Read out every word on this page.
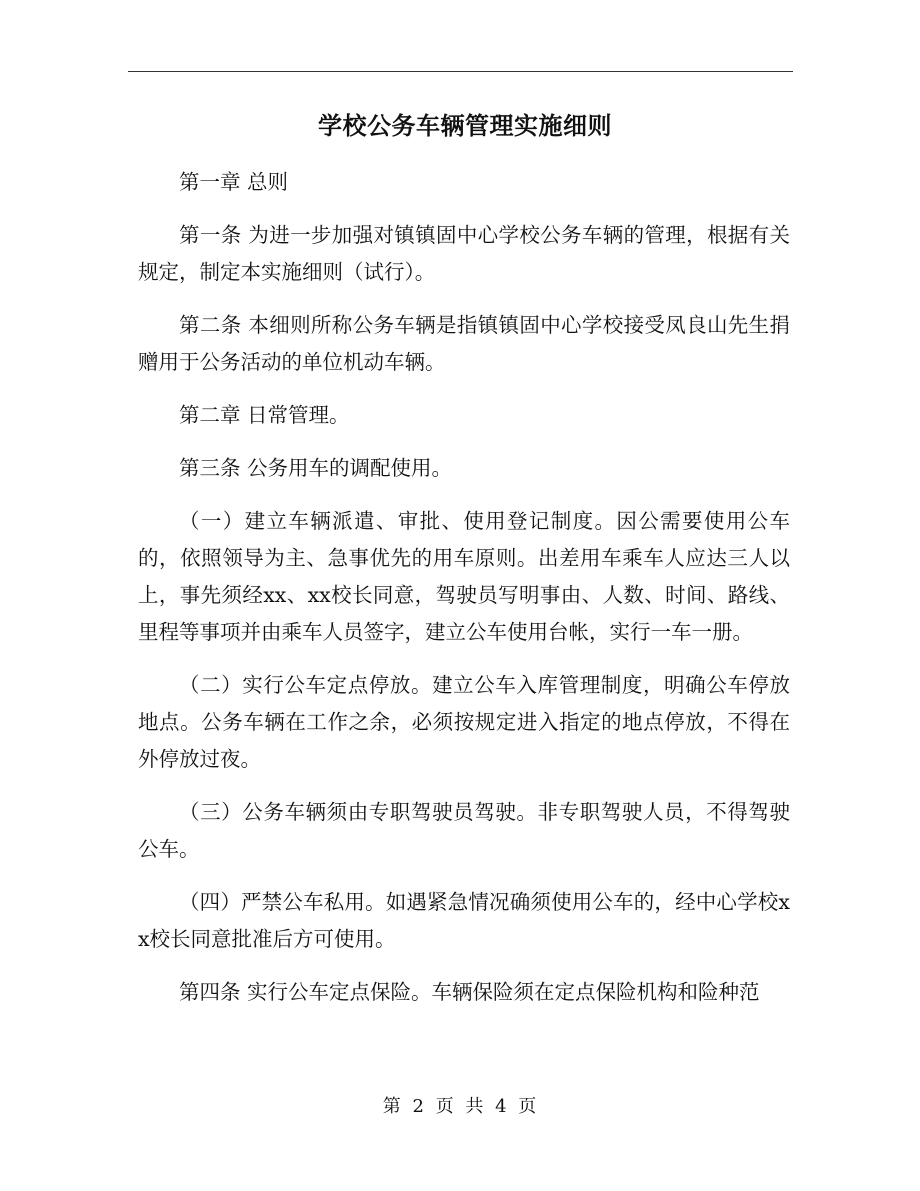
学校公务车辆管理实施细则

第一章 总则

第一条 为进一步加强对镇镇固中心学校公务车辆的管理，根据有关规定，制定本实施细则（试行）。

第二条 本细则所称公务车辆是指镇镇固中心学校接受凤良山先生捐赠用于公务活动的单位机动车辆。

第二章 日常管理。

第三条 公务用车的调配使用。

（一）建立车辆派遣、审批、使用登记制度。因公需要使用公车的，依照领导为主、急事优先的用车原则。出差用车乘车人应达三人以上，事先须经xx、xx校长同意，驾驶员写明事由、人数、时间、路线、里程等事项并由乘车人员签字，建立公车使用台帐，实行一车一册。

（二）实行公车定点停放。建立公车入库管理制度，明确公车停放地点。公务车辆在工作之余，必须按规定进入指定的地点停放，不得在外停放过夜。

（三）公务车辆须由专职驾驶员驾驶。非专职驾驶人员，不得驾驶公车。

（四）严禁公车私用。如遇紧急情况确须使用公车的，经中心学校xx校长同意批准后方可使用。

第四条 实行公车定点保险。车辆保险须在定点保险机构和险种范

第 2 页 共 4 页
